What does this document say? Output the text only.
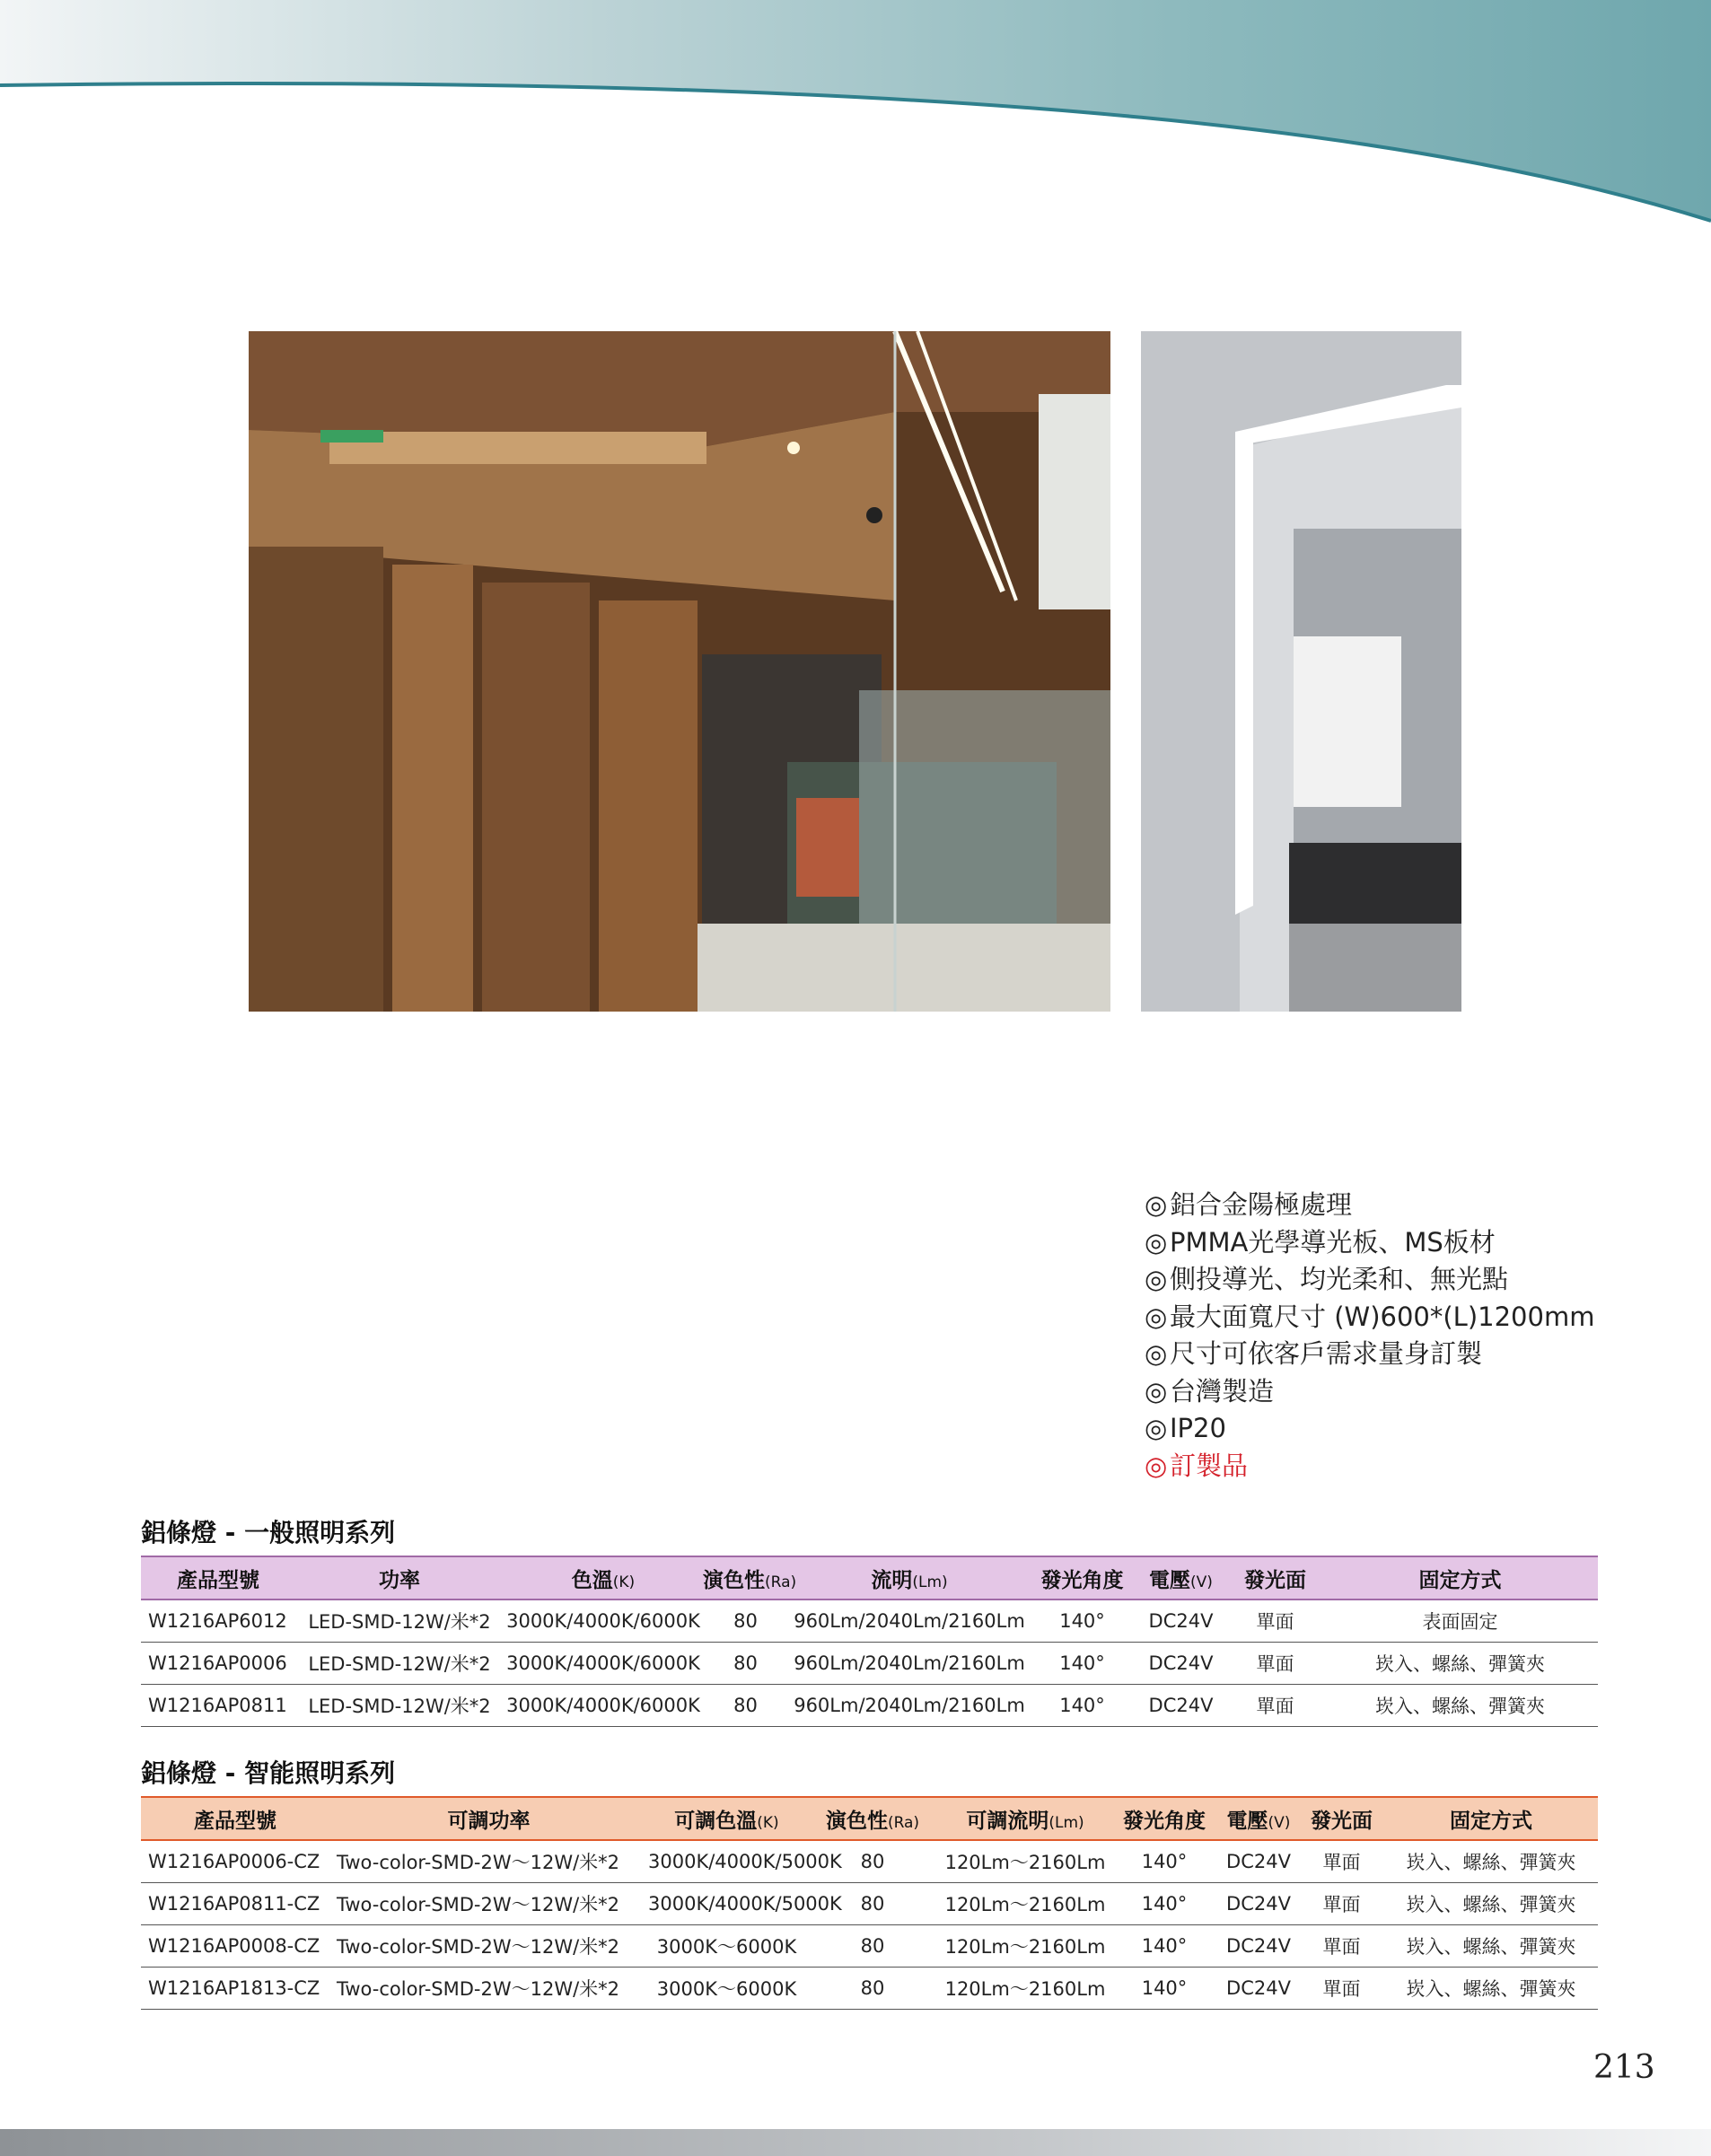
◎鋁合金陽極處理
◎PMMA光學導光板、MS板材
◎側投導光、均光柔和、無光點
◎最大面寬尺寸 (W)600*(L)1200mm
◎尺寸可依客戶需求量身訂製
◎台灣製造
◎IP20
◎訂製品
鋁條燈 - 一般照明系列
產品型號	功率	色溫(K)	演色性(Ra)	流明(Lm)	發光角度	電壓(V)	發光面	固定方式
W1216AP6012	LED-SMD-12W/米*2	3000K/4000K/6000K	80	960Lm/2040Lm/2160Lm	140°	DC24V	單面	表面固定
W1216AP0006	LED-SMD-12W/米*2	3000K/4000K/6000K	80	960Lm/2040Lm/2160Lm	140°	DC24V	單面	崁入、螺絲、彈簧夾
W1216AP0811	LED-SMD-12W/米*2	3000K/4000K/6000K	80	960Lm/2040Lm/2160Lm	140°	DC24V	單面	崁入、螺絲、彈簧夾
鋁條燈 - 智能照明系列
產品型號	可調功率	可調色溫(K)	演色性(Ra)	可調流明(Lm)	發光角度	電壓(V)	發光面	固定方式
W1216AP0006-CZ	Two-color-SMD-2W～12W/米*2	3000K/4000K/5000K	80	120Lm～2160Lm	140°	DC24V	單面	崁入、螺絲、彈簧夾
W1216AP0811-CZ	Two-color-SMD-2W～12W/米*2	3000K/4000K/5000K	80	120Lm～2160Lm	140°	DC24V	單面	崁入、螺絲、彈簧夾
W1216AP0008-CZ	Two-color-SMD-2W～12W/米*2	3000K～6000K	80	120Lm～2160Lm	140°	DC24V	單面	崁入、螺絲、彈簧夾
W1216AP1813-CZ	Two-color-SMD-2W～12W/米*2	3000K～6000K	80	120Lm～2160Lm	140°	DC24V	單面	崁入、螺絲、彈簧夾
213
